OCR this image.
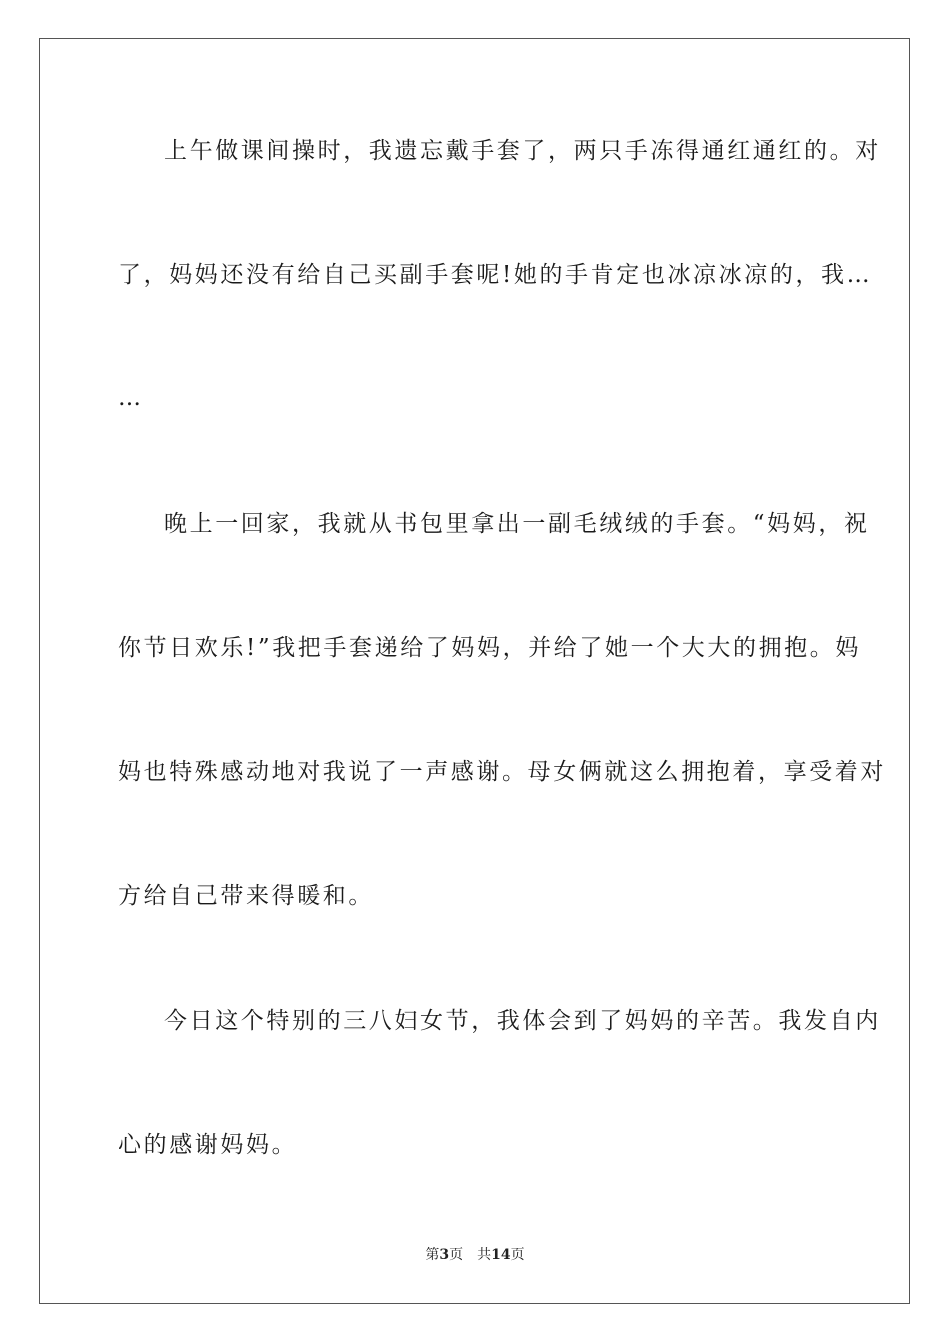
上午做课间操时，我遗忘戴手套了，两只手冻得通红通红的。对
了，妈妈还没有给自己买副手套呢!她的手肯定也冰凉冰凉的，我…
…
晚上一回家，我就从书包里拿出一副毛绒绒的手套。“妈妈，祝
你节日欢乐!”我把手套递给了妈妈，并给了她一个大大的拥抱。妈
妈也特殊感动地对我说了一声感谢。母女俩就这么拥抱着，享受着对
方给自己带来得暖和。
今日这个特别的三八妇女节，我体会到了妈妈的辛苦。我发自内
心的感谢妈妈。
第3页 共14页
